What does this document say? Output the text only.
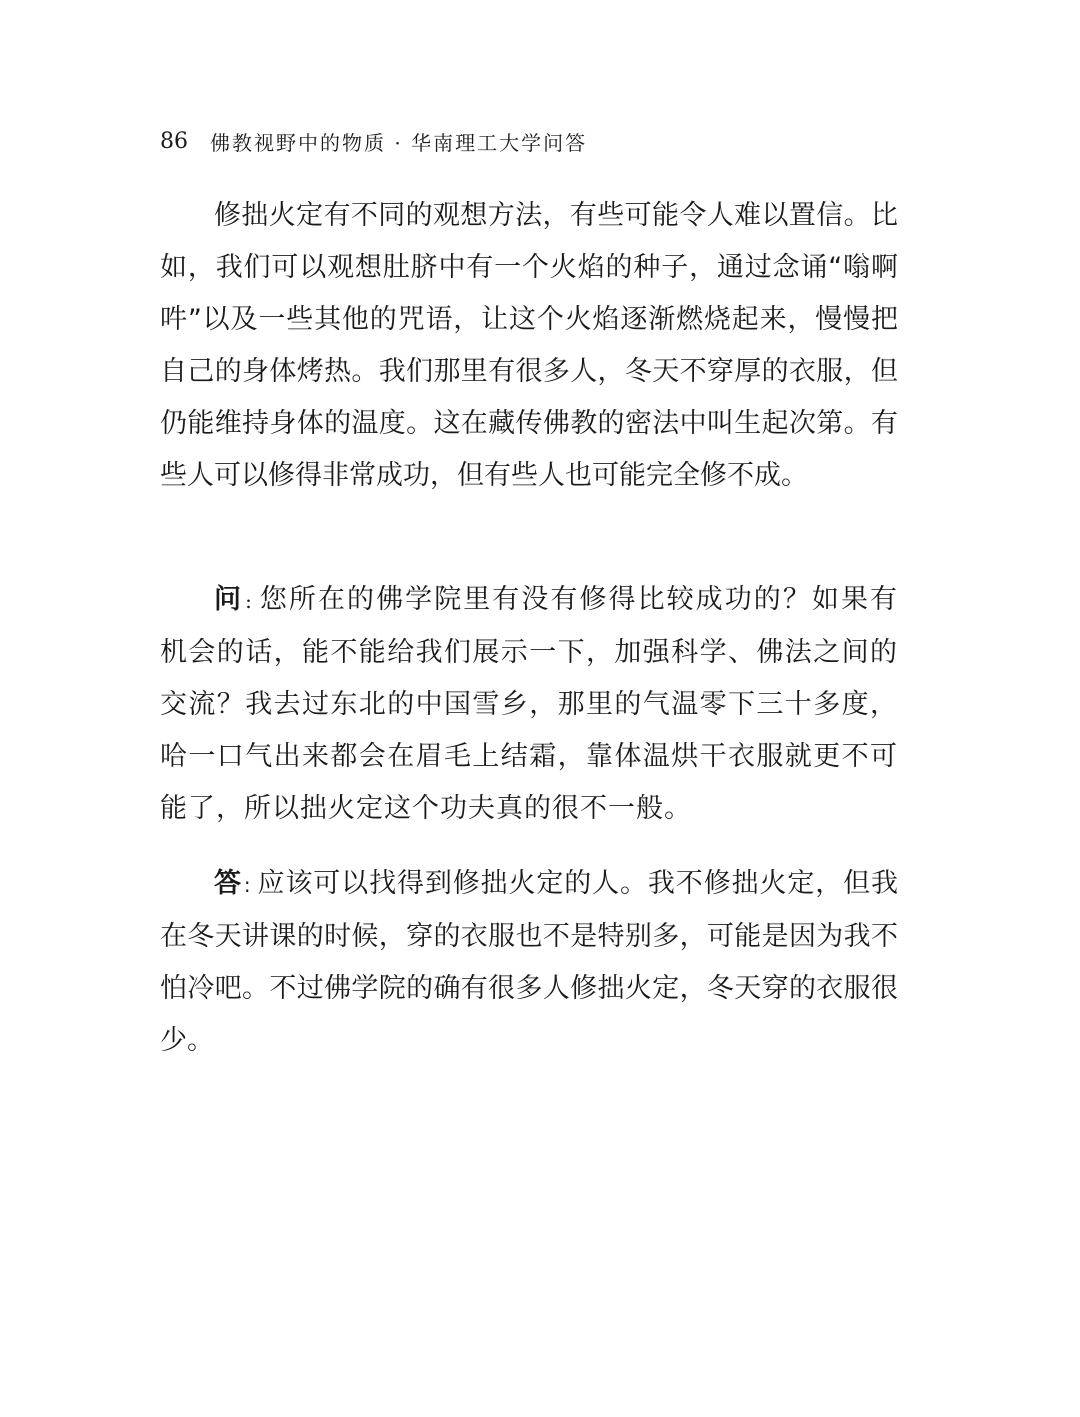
86 佛教视野中的物质 · 华南理工大学问答

修拙火定有不同的观想方法，有些可能令人难以置信。比如，我们可以观想肚脐中有一个火焰的种子，通过念诵“嗡啊吽”以及一些其他的咒语，让这个火焰逐渐燃烧起来，慢慢把自己的身体烤热。我们那里有很多人，冬天不穿厚的衣服，但仍能维持身体的温度。这在藏传佛教的密法中叫生起次第。有些人可以修得非常成功，但有些人也可能完全修不成。

问 : 您所在的佛学院里有没有修得比较成功的？如果有机会的话，能不能给我们展示一下，加强科学、佛法之间的交流？我去过东北的中国雪乡，那里的气温零下三十多度，哈一口气出来都会在眉毛上结霜，靠体温烘干衣服就更不可能了，所以拙火定这个功夫真的很不一般。

答 : 应该可以找得到修拙火定的人。我不修拙火定，但我在冬天讲课的时候，穿的衣服也不是特别多，可能是因为我不怕冷吧。不过佛学院的确有很多人修拙火定，冬天穿的衣服很少。
